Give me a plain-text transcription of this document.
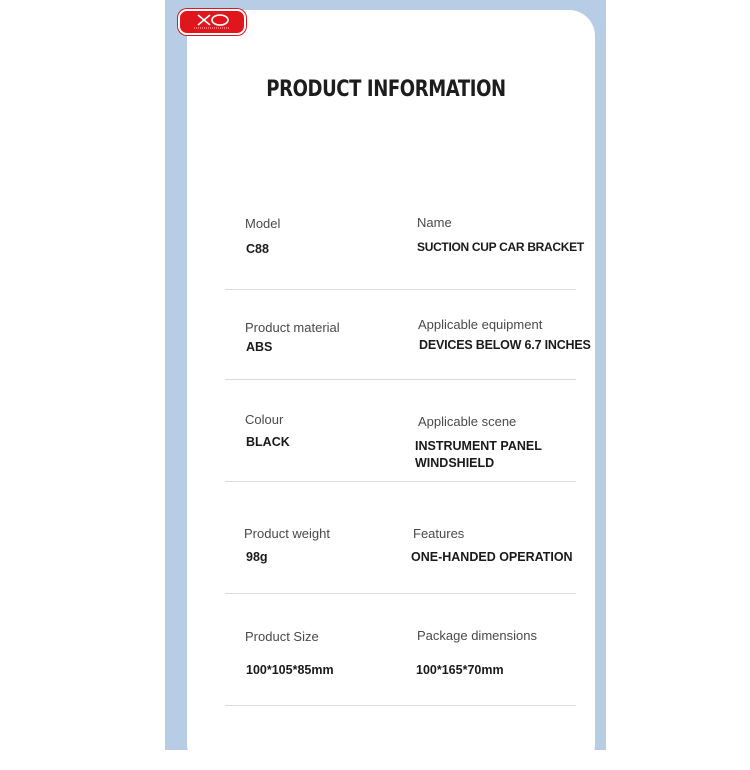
PRODUCT INFORMATION
Model
C88
Name
SUCTION CUP CAR BRACKET
Product material
ABS
Applicable equipment
DEVICES BELOW 6.7 INCHES
Colour
BLACK
Applicable scene
INSTRUMENT PANEL
WINDSHIELD
Product weight
98g
Features
ONE-HANDED OPERATION
Product Size
100*105*85mm
Package dimensions
100*165*70mm
